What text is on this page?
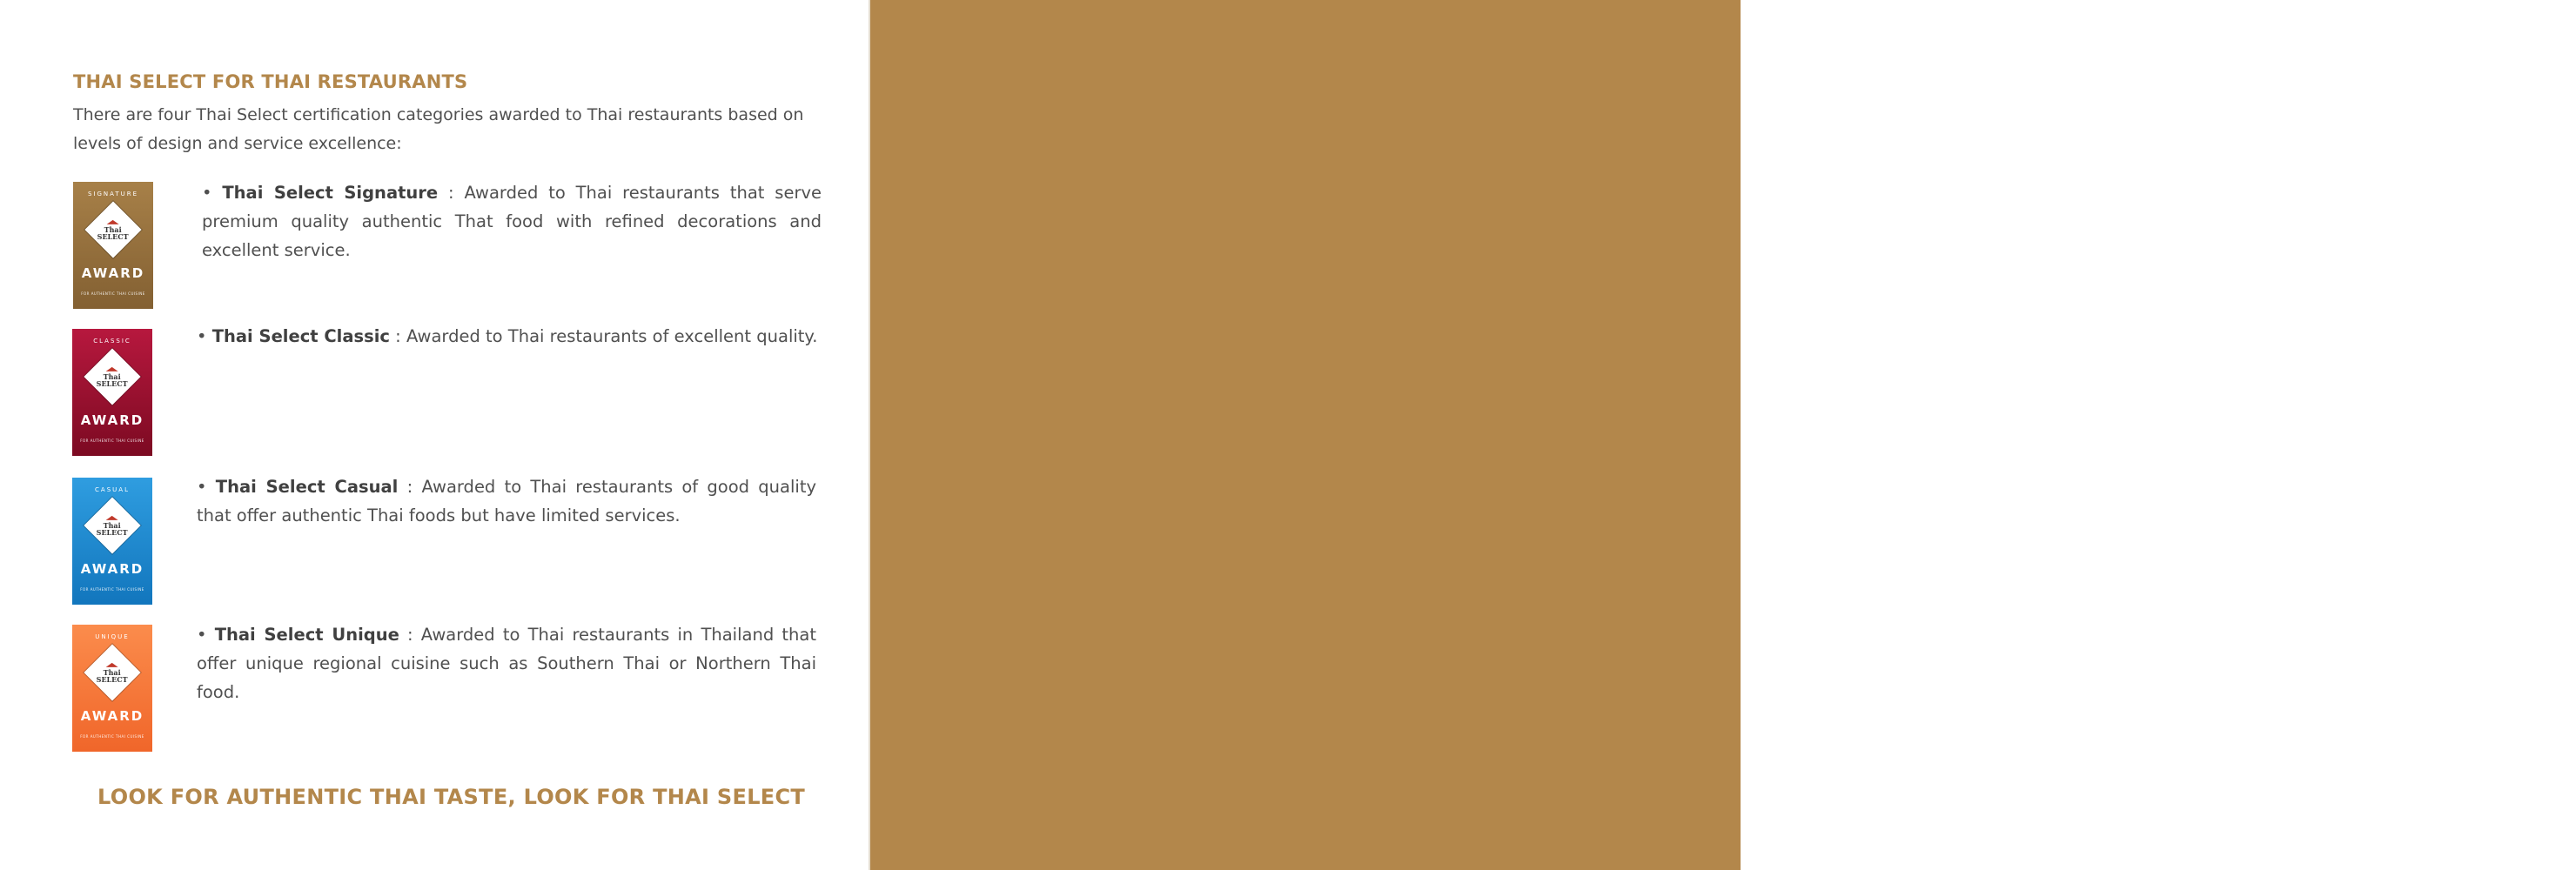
THAI SELECT FOR THAI RESTAURANTS

There are four Thai Select certification categories awarded to Thai restaurants based on levels of design and service excellence:

SIGNATURE
Thai SELECT
AWARD
FOR AUTHENTIC THAI CUISINE

• Thai Select Signature : Awarded to Thai restaurants that serve premium quality authentic That food with refined decorations and excellent service.

CLASSIC
Thai SELECT
AWARD
FOR AUTHENTIC THAI CUISINE

• Thai Select Classic : Awarded to Thai restaurants of excellent quality.

CASUAL
Thai SELECT
AWARD
FOR AUTHENTIC THAI CUISINE

• Thai Select Casual : Awarded to Thai restaurants of good quality that offer authentic Thai foods but have limited services.

UNIQUE
Thai SELECT
AWARD
FOR AUTHENTIC THAI CUISINE

• Thai Select Unique : Awarded to Thai restaurants in Thailand that offer unique regional cuisine such as Southern Thai or Northern Thai food.

LOOK FOR AUTHENTIC THAI TASTE, LOOK FOR THAI SELECT
Content
05 Pad Thai Goong Sod
Thai Fried Noodles with Shrimps
07 Tom Kha Gai
Chicken and Galangal in Coconut Milk Soup
09 Som Tum
Papaya Salad
11 Yum Woon Sen Neua
Spicy Beef Glass Noodles Salad
13 Gaeng Kiew Wan Goong
Green Curry with Shrimps
15 Massaman Gai
Massaman Curry with Chicken and Potatoes
17 Tom Yum Goong
Spicy Prawns Soup with Chili Paste
19 Gaeng Som Phak Ruam
Sour Curry with Mixed Vegetables
21 Khao Niew Dam Piek Maphrao Awn
Black Glutinous Rice Pudding with Young Coconut Flesh
23 Gluai Buat Chi
Bananas in Coconut Milk
